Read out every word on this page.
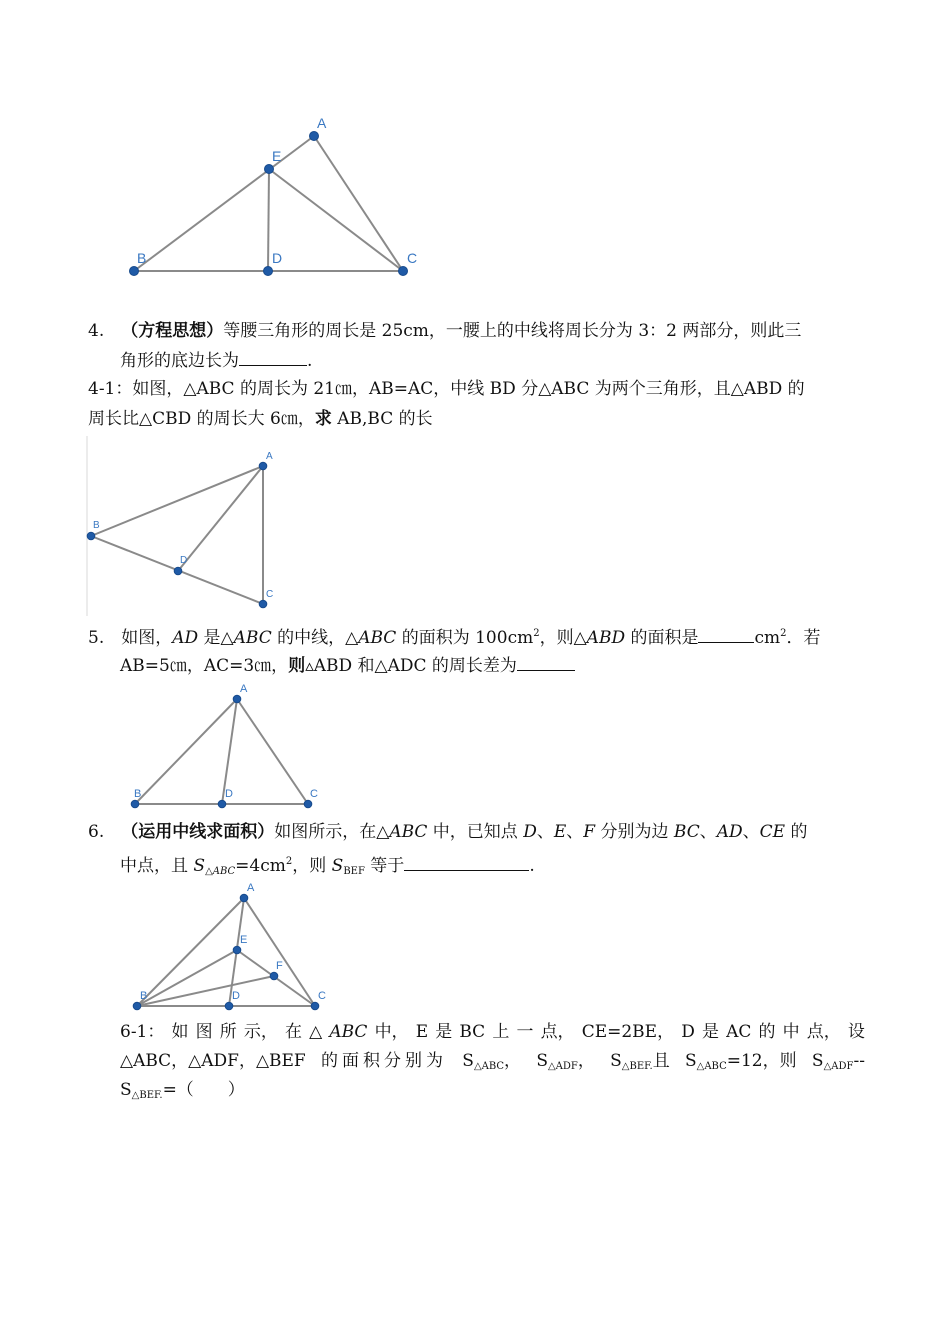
A
E
B	D	C
4. （方程思想）等腰三角形的周长是 25cm，一腰上的中线将周长分为 3：2 两部分，则此三
角形的底边长为	.
4-1：如图，△ABC 的周长为 21㎝，AB=AC，中线 BD 分△ABC 为两个三角形，且△ABD 的
周长比△CBD 的周长大 6㎝，求 AB,BC 的长
A
B
D
C
5. 如图，AD 是△ABC 的中线，△ABC 的面积为 $100cm^2$，则△ABD 的面积是	$cm^2$．若
AB=5㎝，AC=3㎝，则▵ABD 和△ADC 的周长差为
A
B	D	C
6. （运用中线求面积）如图所示，在△ABC 中，已知点 D、E、F 分别为边 BC、AD、CE 的
中点，且 $S_{\triangle ABC}=4cm^2$，则 $S_{BEF}$ 等于	.
A
E
F
B	D	C
6-1： 如 图 所 示， 在 △ ABC 中， E 是 BC 上 一 点， CE=2BE， D 是 AC 的 中 点， 设
△ABC，△ADF，△BEF 的面积分别为 $S_{\triangle ABC}$， $S_{\triangle ADF}$， $S_{\triangle BEF.}$且 $S_{\triangle ABC}=12$，则 $S_{\triangle ADF}--$
$S_{\triangle BEF.}=$（　　）
